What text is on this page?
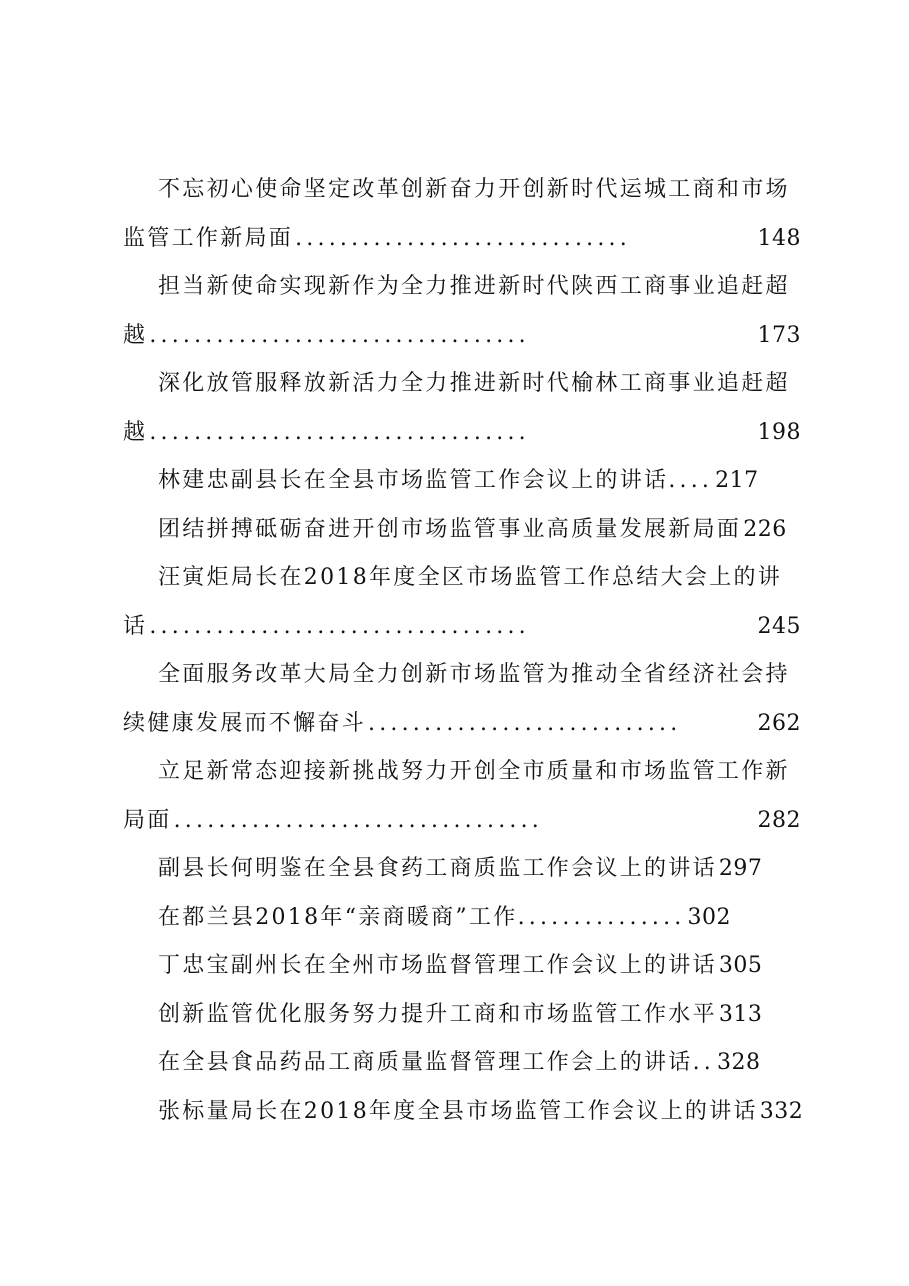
不忘初心使命坚定改革创新奋力开创新时代运城工商和市场
监管工作新局面 ..............................	148
担当新使命实现新作为全力推进新时代陕西工商事业追赶超
越 ..................................	173
深化放管服释放新活力全力推进新时代榆林工商事业追赶超
越 ..................................	198
林建忠副县长在全县市场监管工作会议上的讲话 .... 217
团结拼搏砥砺奋进开创市场监管事业高质量发展新局面 226
汪寅炬局长在2018年度全区市场监管工作总结大会上的讲
话 ..................................	245
全面服务改革大局全力创新市场监管为推动全省经济社会持
续健康发展而不懈奋斗 ............................	262
立足新常态迎接新挑战努力开创全市质量和市场监管工作新
局面 .................................	282
副县长何明鉴在全县食药工商质监工作会议上的讲话 297
在都兰县2018年“亲商暖商”工作 ............... 302
丁忠宝副州长在全州市场监督管理工作会议上的讲话 305
创新监管优化服务努力提升工商和市场监管工作水平 313
在全县食品药品工商质量监督管理工作会上的讲话 .. 328
张标量局长在2018年度全县市场监管工作会议上的讲话 332
